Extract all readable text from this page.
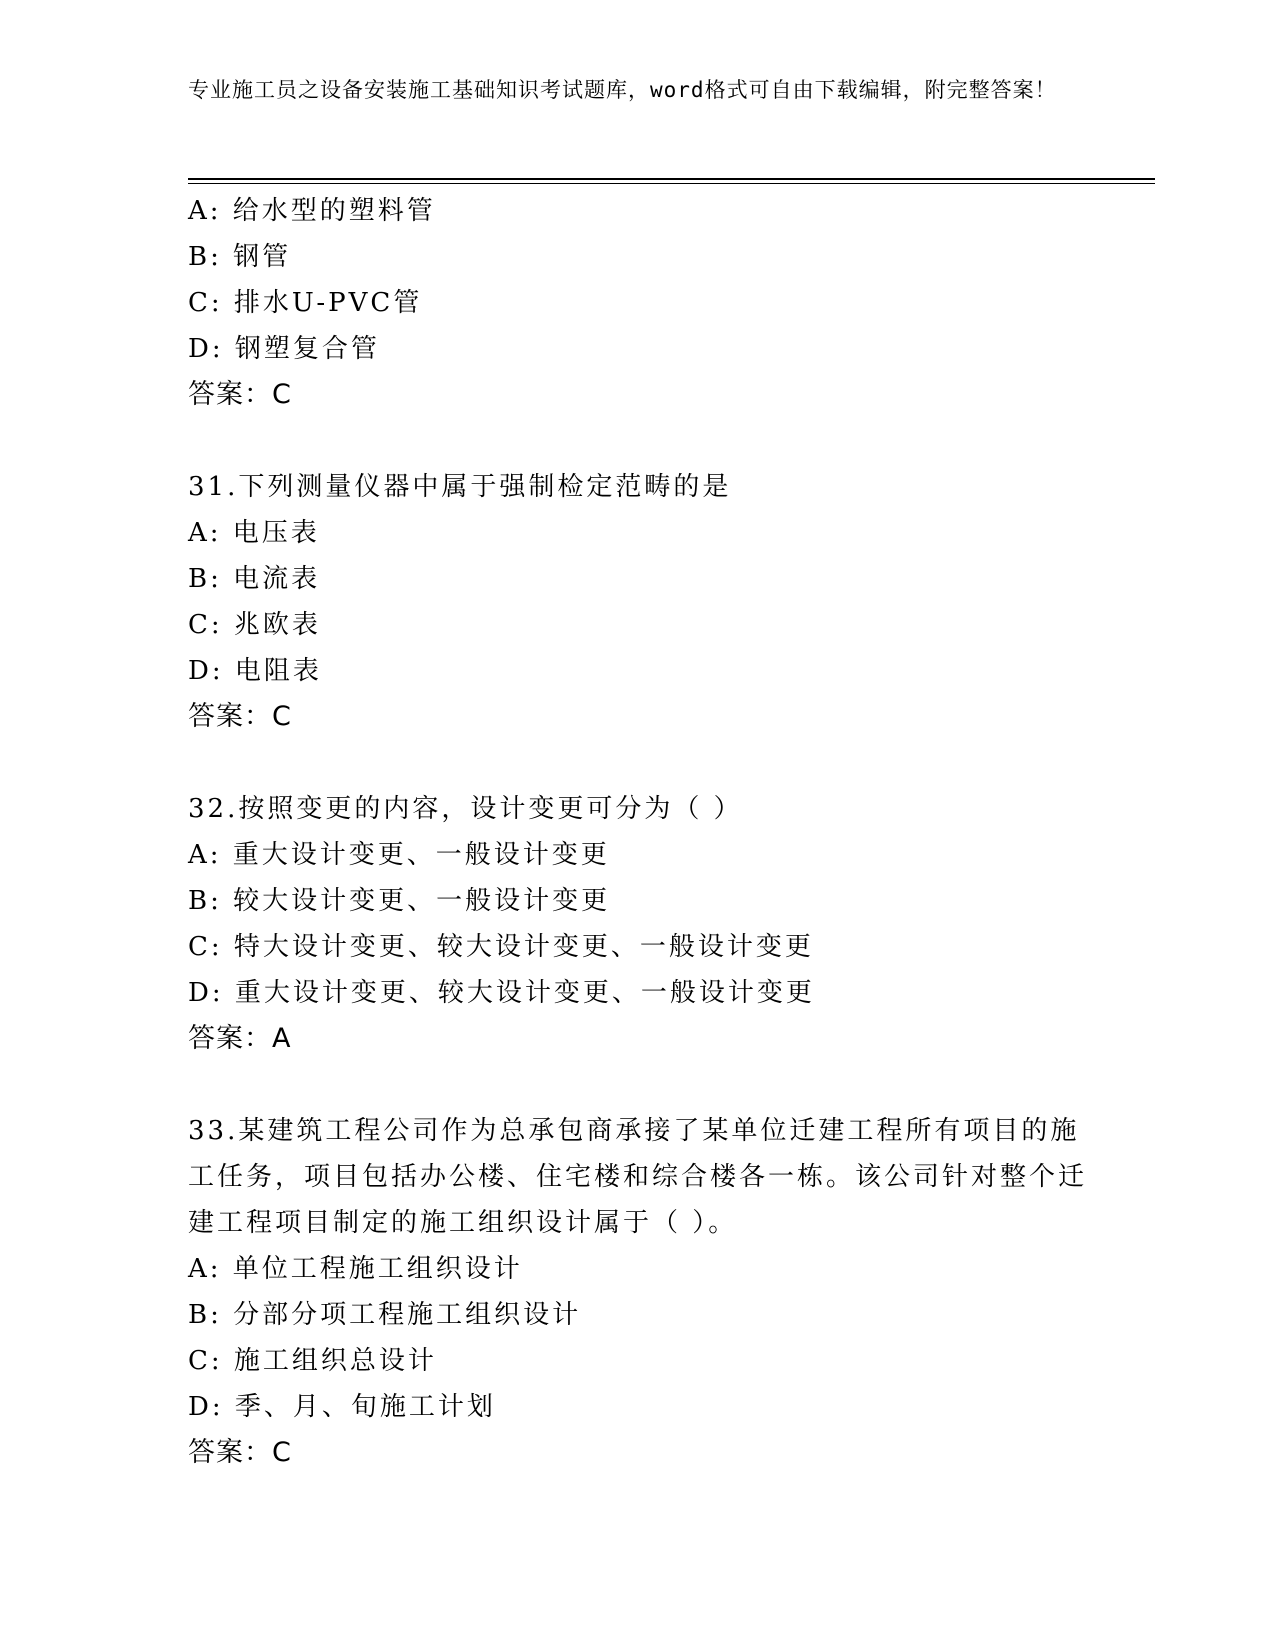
专业施工员之设备安装施工基础知识考试题库，word格式可自由下载编辑，附完整答案！
A: 给水型的塑料管
B: 钢管
C: 排水U-PVC管
D: 钢塑复合管
答案：C
31.下列测量仪器中属于强制检定范畴的是
A: 电压表
B: 电流表
C: 兆欧表
D: 电阻表
答案：C
32.按照变更的内容，设计变更可分为（ ）
A: 重大设计变更、一般设计变更
B: 较大设计变更、一般设计变更
C: 特大设计变更、较大设计变更、一般设计变更
D: 重大设计变更、较大设计变更、一般设计变更
答案：A
33.某建筑工程公司作为总承包商承接了某单位迁建工程所有项目的施工任务，项目包括办公楼、住宅楼和综合楼各一栋。该公司针对整个迁建工程项目制定的施工组织设计属于（ ）。
A: 单位工程施工组织设计
B: 分部分项工程施工组织设计
C: 施工组织总设计
D: 季、月、旬施工计划
答案：C
